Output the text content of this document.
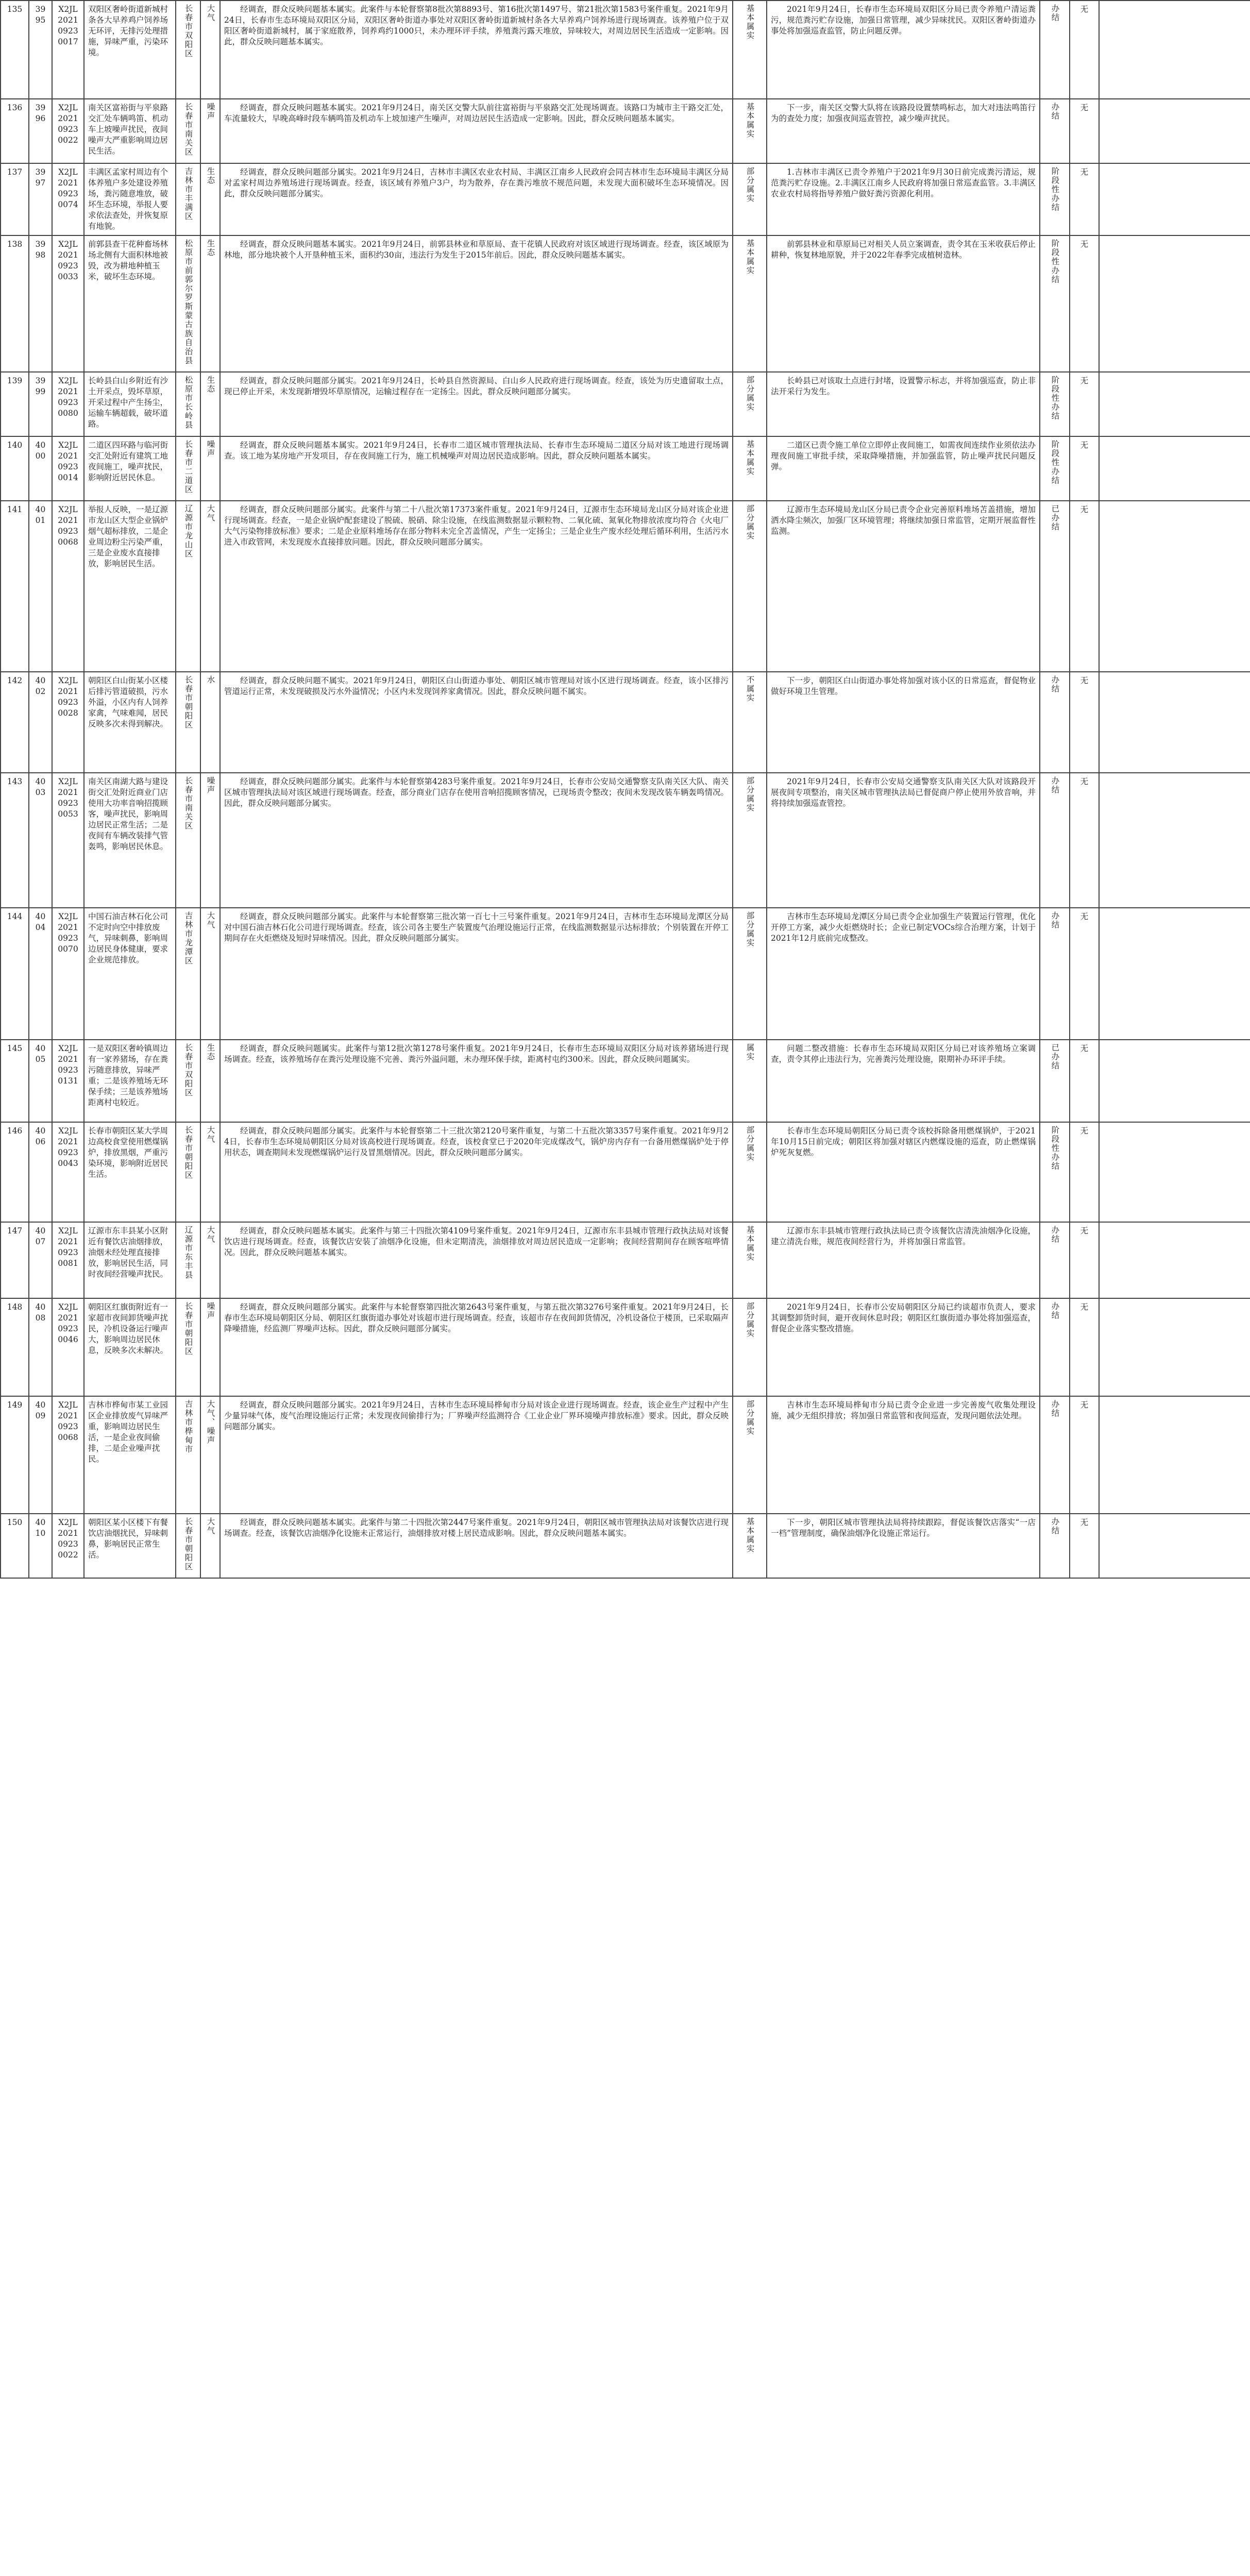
135	3995	X2JL202109230017	双阳区奢岭街道新城村条各大早养鸡户饲养场无环评，无排污处理措施，异味严重，污染环境。	长春市双阳区	大气	经调查，群众反映问题基本属实。此案件与本轮督察第8批次第8893号、第16批次第1497号、第21批次第1583号案件重复。2021年9月24日，长春市生态环境局双阳区分局，双阳区奢岭街道办事处对双阳区奢岭街道新城村条各大早养鸡户饲养场进行现场调查。该养殖户位于双阳区奢岭街道新城村，属于家庭散养，饲养鸡约1000只，未办理环评手续，养殖粪污露天堆放，异味较大，对周边居民生活造成一定影响。因此，群众反映问题基本属实。	基本属实	2021年9月24日，长春市生态环境局双阳区分局已责令养殖户清运粪污，规范粪污贮存设施，加强日常管理，减少异味扰民。双阳区奢岭街道办事处将加强巡查监管，防止问题反弹。	办结	无	
136	3996	X2JL202109230022	南关区富裕街与平泉路交汇处车辆鸣笛、机动车上坡噪声扰民，夜间噪声大严重影响周边居民生活。	长春市南关区	噪声	经调查，群众反映问题基本属实。2021年9月24日，南关区交警大队前往富裕街与平泉路交汇处现场调查。该路口为城市主干路交汇处，车流量较大，早晚高峰时段车辆鸣笛及机动车上坡加速产生噪声，对周边居民生活造成一定影响。因此，群众反映问题基本属实。	基本属实	下一步，南关区交警大队将在该路段设置禁鸣标志，加大对违法鸣笛行为的查处力度；加强夜间巡查管控，减少噪声扰民。	办结	无	
137	3997	X2JL202109230074	丰满区孟家村周边有个体养殖户多处建设养殖场，粪污随意堆放，破坏生态环境，举报人要求依法查处，并恢复原有地貌。	吉林市丰满区	生态	经调查，群众反映问题部分属实。2021年9月24日，吉林市丰满区农业农村局、丰满区江南乡人民政府会同吉林市生态环境局丰满区分局对孟家村周边养殖场进行现场调查。经查，该区域有养殖户3户，均为散养，存在粪污堆放不规范问题，未发现大面积破坏生态环境情况。因此，群众反映问题部分属实。	部分属实	1.吉林市丰满区已责令养殖户于2021年9月30日前完成粪污清运，规范粪污贮存设施。2.丰满区江南乡人民政府将加强日常巡查监管。3.丰满区农业农村局将指导养殖户做好粪污资源化利用。	阶段性办结	无	
138	3998	X2JL202109230033	前郭县查干花种畜场林场北侧有大面积林地被毁，改为耕地种植玉米，破坏生态环境。	松原市前郭尔罗斯蒙古族自治县	生态	经调查，群众反映问题基本属实。2021年9月24日，前郭县林业和草原局、查干花镇人民政府对该区域进行现场调查。经查，该区域原为林地，部分地块被个人开垦种植玉米，面积约30亩，违法行为发生于2015年前后。因此，群众反映问题基本属实。	基本属实	前郭县林业和草原局已对相关人员立案调查，责令其在玉米收获后停止耕种，恢复林地原貌，并于2022年春季完成植树造林。	阶段性办结	无	
139	3999	X2JL202109230080	长岭县白山乡附近有沙土开采点，毁坏草原，开采过程中产生扬尘，运输车辆超载，破坏道路。	松原市长岭县	生态	经调查，群众反映问题部分属实。2021年9月24日，长岭县自然资源局、白山乡人民政府进行现场调查。经查，该处为历史遗留取土点，现已停止开采，未发现新增毁坏草原情况，运输过程存在一定扬尘。因此，群众反映问题部分属实。	部分属实	长岭县已对该取土点进行封堵，设置警示标志，并将加强巡查，防止非法开采行为发生。	阶段性办结	无	
140	4000	X2JL202109230014	二道区四环路与临河街交汇处附近有建筑工地夜间施工，噪声扰民，影响附近居民休息。	长春市二道区	噪声	经调查，群众反映问题基本属实。2021年9月24日，长春市二道区城市管理执法局、长春市生态环境局二道区分局对该工地进行现场调查。该工地为某房地产开发项目，存在夜间施工行为，施工机械噪声对周边居民造成影响。因此，群众反映问题基本属实。	基本属实	二道区已责令施工单位立即停止夜间施工，如需夜间连续作业须依法办理夜间施工审批手续，采取降噪措施，并加强监管，防止噪声扰民问题反弹。	阶段性办结	无	
141	4001	X2JL202109230068	举报人反映，一是辽源市龙山区大型企业锅炉烟气超标排放，二是企业周边粉尘污染严重，三是企业废水直接排放，影响居民生活。	辽源市龙山区	大气	经调查，群众反映问题部分属实。此案件与第二十八批次第17373案件重复。2021年9月24日，辽源市生态环境局龙山区分局对该企业进行现场调查。经查，一是企业锅炉配套建设了脱硫、脱硝、除尘设施，在线监测数据显示颗粒物、二氧化硫、氮氧化物排放浓度均符合《火电厂大气污染物排放标准》要求；二是企业原料堆场存在部分物料未完全苫盖情况，产生一定扬尘；三是企业生产废水经处理后循环利用，生活污水进入市政管网，未发现废水直接排放问题。因此，群众反映问题部分属实。	部分属实	辽源市生态环境局龙山区分局已责令企业完善原料堆场苫盖措施，增加洒水降尘频次，加强厂区环境管理；将继续加强日常监管，定期开展监督性监测。	已办结	无	
142	4002	X2JL202109230028	朝阳区白山街某小区楼后排污管道破损，污水外溢，小区内有人饲养家禽，气味难闻，居民反映多次未得到解决。	长春市朝阳区	水	经调查，群众反映问题不属实。2021年9月24日，朝阳区白山街道办事处、朝阳区城市管理局对该小区进行现场调查。经查，该小区排污管道运行正常，未发现破损及污水外溢情况；小区内未发现饲养家禽情况。因此，群众反映问题不属实。	不属实	下一步，朝阳区白山街道办事处将加强对该小区的日常巡查，督促物业做好环境卫生管理。	办结	无	
143	4003	X2JL202109230053	南关区南湖大路与建设街交汇处附近商业门店使用大功率音响招揽顾客，噪声扰民，影响周边居民正常生活；二是夜间有车辆改装排气管轰鸣，影响居民休息。	长春市南关区	噪声	经调查，群众反映问题部分属实。此案件与本轮督察第4283号案件重复。2021年9月24日，长春市公安局交通警察支队南关区大队、南关区城市管理执法局对该区域进行现场调查。经查，部分商业门店存在使用音响招揽顾客情况，已现场责令整改；夜间未发现改装车辆轰鸣情况。因此，群众反映问题部分属实。	部分属实	2021年9月24日，长春市公安局交通警察支队南关区大队对该路段开展夜间专项整治，南关区城市管理执法局已督促商户停止使用外放音响，并将持续加强巡查管控。	办结	无	
144	4004	X2JL202109230070	中国石油吉林石化公司不定时向空中排放废气，异味刺鼻，影响周边居民身体健康，要求企业规范排放。	吉林市龙潭区	大气	经调查，群众反映问题部分属实。此案件与本轮督察第三批次第一百七十三号案件重复。2021年9月24日，吉林市生态环境局龙潭区分局对中国石油吉林石化公司进行现场调查。经查，该公司各主要生产装置废气治理设施运行正常，在线监测数据显示达标排放；个别装置在开停工期间存在火炬燃烧及短时异味情况。因此，群众反映问题部分属实。	部分属实	吉林市生态环境局龙潭区分局已责令企业加强生产装置运行管理，优化开停工方案，减少火炬燃烧时长；企业已制定VOCs综合治理方案，计划于2021年12月底前完成整改。	办结	无	
145	4005	X2JL202109230131	一是双阳区奢岭镇周边有一家养猪场，存在粪污随意排放，异味严重；二是该养殖场无环保手续；三是该养殖场距离村屯较近。	长春市双阳区	生态	经调查，群众反映问题属实。此案件与第12批次第1278号案件重复。2021年9月24日，长春市生态环境局双阳区分局对该养猪场进行现场调查。经查，该养殖场存在粪污处理设施不完善、粪污外溢问题，未办理环保手续，距离村屯约300米。因此，群众反映问题属实。	属实	问题二整改措施：长春市生态环境局双阳区分局已对该养殖场立案调查，责令其停止违法行为，完善粪污处理设施，限期补办环评手续。	已办结	无	
146	4006	X2JL202109230043	长春市朝阳区某大学周边高校食堂使用燃煤锅炉，排放黑烟，严重污染环境，影响附近居民生活。	长春市朝阳区	大气	经调查，群众反映问题部分属实。此案件与本轮督察第二十三批次第2120号案件重复，与第二十五批次第3357号案件重复。2021年9月24日，长春市生态环境局朝阳区分局对该高校进行现场调查。经查，该校食堂已于2020年完成煤改气，锅炉房内存有一台备用燃煤锅炉处于停用状态，调查期间未发现燃煤锅炉运行及冒黑烟情况。因此，群众反映问题部分属实。	部分属实	长春市生态环境局朝阳区分局已责令该校拆除备用燃煤锅炉，于2021年10月15日前完成；朝阳区将加强对辖区内燃煤设施的巡查，防止燃煤锅炉死灰复燃。	阶段性办结	无	
147	4007	X2JL202109230081	辽源市东丰县某小区附近有餐饮店油烟排放，油烟未经处理直接排放，影响居民生活，同时夜间经营噪声扰民。	辽源市东丰县	大气	经调查，群众反映问题基本属实。此案件与第三十四批次第4109号案件重复。2021年9月24日，辽源市东丰县城市管理行政执法局对该餐饮店进行现场调查。经查，该餐饮店安装了油烟净化设施，但未定期清洗，油烟排放对周边居民造成一定影响；夜间经营期间存在顾客喧哗情况。因此，群众反映问题基本属实。	基本属实	辽源市东丰县城市管理行政执法局已责令该餐饮店清洗油烟净化设施，建立清洗台账，规范夜间经营行为，并将加强日常监管。	办结	无	
148	4008	X2JL202109230046	朝阳区红旗街附近有一家超市夜间卸货噪声扰民，冷机设备运行噪声大，影响周边居民休息，反映多次未解决。	长春市朝阳区	噪声	经调查，群众反映问题部分属实。此案件与本轮督察第四批次第2643号案件重复，与第五批次第3276号案件重复。2021年9月24日，长春市生态环境局朝阳区分局、朝阳区红旗街道办事处对该超市进行现场调查。经查，该超市存在夜间卸货情况，冷机设备位于楼顶，已采取隔声降噪措施，经监测厂界噪声达标。因此，群众反映问题部分属实。	部分属实	2021年9月24日，长春市公安局朝阳区分局已约谈超市负责人，要求其调整卸货时间，避开夜间休息时段；朝阳区红旗街道办事处将加强巡查，督促企业落实整改措施。	办结	无	
149	4009	X2JL202109230068	吉林市桦甸市某工业园区企业排放废气异味严重，影响周边居民生活，一是企业夜间偷排，二是企业噪声扰民。	吉林市桦甸市	大气、噪声	经调查，群众反映问题部分属实。2021年9月24日，吉林市生态环境局桦甸市分局对该企业进行现场调查。经查，该企业生产过程中产生少量异味气体，废气治理设施运行正常；未发现夜间偷排行为；厂界噪声经监测符合《工业企业厂界环境噪声排放标准》要求。因此，群众反映问题部分属实。	部分属实	吉林市生态环境局桦甸市分局已责令企业进一步完善废气收集处理设施，减少无组织排放；将加强日常监管和夜间巡查，发现问题依法处理。	办结	无	
150	4010	X2JL202109230022	朝阳区某小区楼下有餐饮店油烟扰民，异味刺鼻，影响居民正常生活。	长春市朝阳区	大气	经调查，群众反映问题基本属实。此案件与第二十四批次第2447号案件重复。2021年9月24日，朝阳区城市管理执法局对该餐饮店进行现场调查。经查，该餐饮店油烟净化设施未正常运行，油烟排放对楼上居民造成影响。因此，群众反映问题基本属实。	基本属实	下一步，朝阳区城市管理执法局将持续跟踪，督促该餐饮店落实“一店一档”管理制度，确保油烟净化设施正常运行。	办结	无	
